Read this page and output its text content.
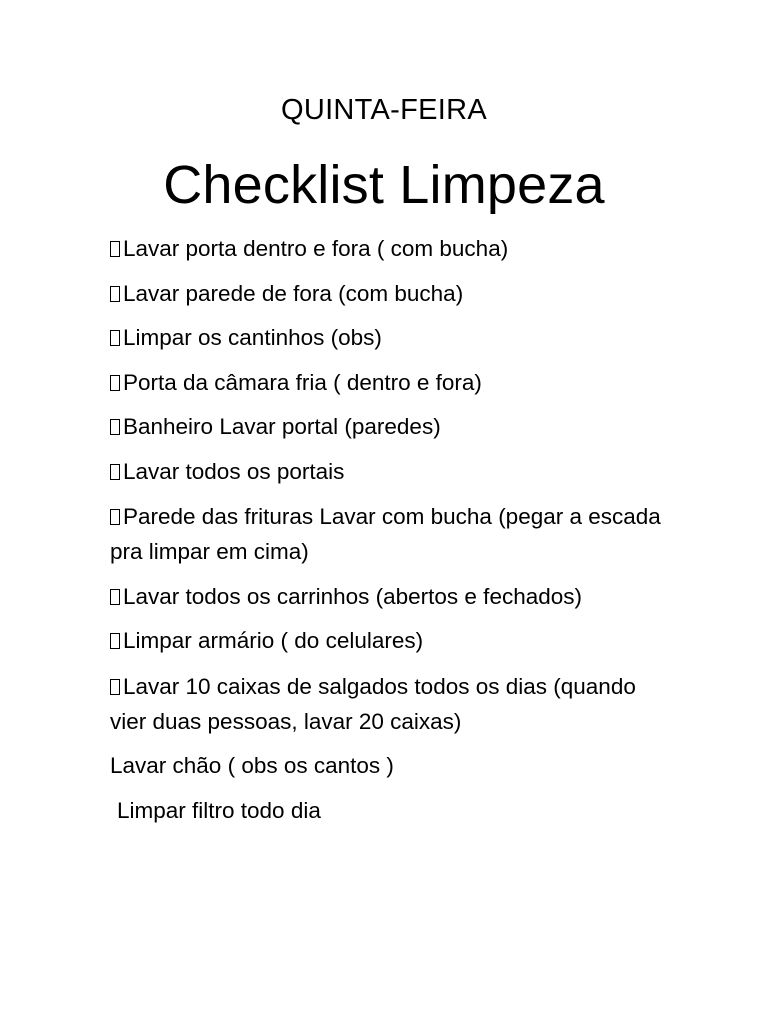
QUINTA-FEIRA
Checklist Limpeza
Lavar porta dentro e fora ( com bucha)
Lavar parede de fora (com bucha)
Limpar os cantinhos (obs)
Porta da câmara fria ( dentro e fora)
Banheiro Lavar portal (paredes)
Lavar todos os portais
Parede das frituras Lavar com bucha (pegar a escada pra limpar em cima)
Lavar todos os carrinhos (abertos e fechados)
Limpar armário ( do celulares)
Lavar 10 caixas de salgados todos os dias (quando vier duas pessoas, lavar 20 caixas)
Lavar chão ( obs os cantos )
Limpar filtro todo dia
